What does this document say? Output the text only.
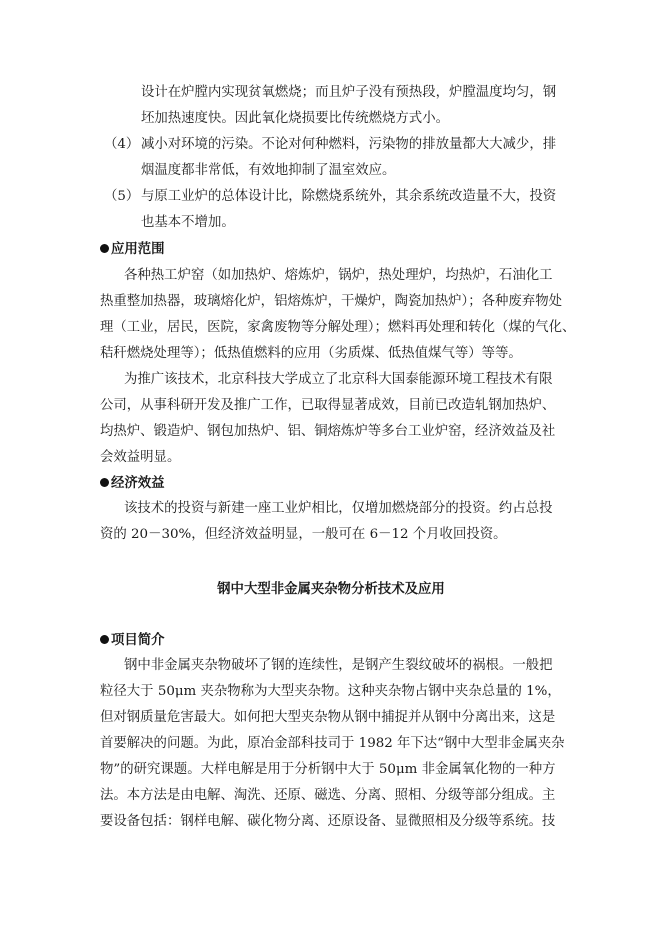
设计在炉膛内实现贫氧燃烧；而且炉子没有预热段，炉膛温度均匀，钢
坯加热速度快。因此氧化烧损要比传统燃烧方式小。
（4） 减小对环境的污染。不论对何种燃料，污染物的排放量都大大减少，排
烟温度都非常低，有效地抑制了温室效应。
（5） 与原工业炉的总体设计比，除燃烧系统外，其余系统改造量不大，投资
也基本不增加。
应用范围
各种热工炉窑（如加热炉、熔炼炉，锅炉，热处理炉，均热炉，石油化工
热重整加热器，玻璃熔化炉，铝熔炼炉，干燥炉，陶瓷加热炉）；各种废弃物处
理（工业，居民，医院，家禽废物等分解处理）；燃料再处理和转化（煤的气化、
秸秆燃烧处理等）；低热值燃料的应用（劣质煤、低热值煤气等）等等。
为推广该技术，北京科技大学成立了北京科大国泰能源环境工程技术有限
公司，从事科研开发及推广工作，已取得显著成效，目前已改造轧钢加热炉、
均热炉、锻造炉、钢包加热炉、铝、铜熔炼炉等多台工业炉窑，经济效益及社
会效益明显。
经济效益
该技术的投资与新建一座工业炉相比，仅增加燃烧部分的投资。约占总投
资的 20－30%，但经济效益明显，一般可在 6－12 个月收回投资。
钢中大型非金属夹杂物分析技术及应用
项目简介
钢中非金属夹杂物破坏了钢的连续性，是钢产生裂纹破坏的祸根。一般把
粒径大于 50μm 夹杂物称为大型夹杂物。这种夹杂物占钢中夹杂总量的 1%，
但对钢质量危害最大。如何把大型夹杂物从钢中捕捉并从钢中分离出来，这是
首要解决的问题。为此，原冶金部科技司于 1982 年下达“钢中大型非金属夹杂
物”的研究课题。大样电解是用于分析钢中大于 50μm 非金属氧化物的一种方
法。本方法是由电解、淘洗、还原、磁选、分离、照相、分级等部分组成。主
要设备包括：钢样电解、碳化物分离、还原设备、显微照相及分级等系统。技
